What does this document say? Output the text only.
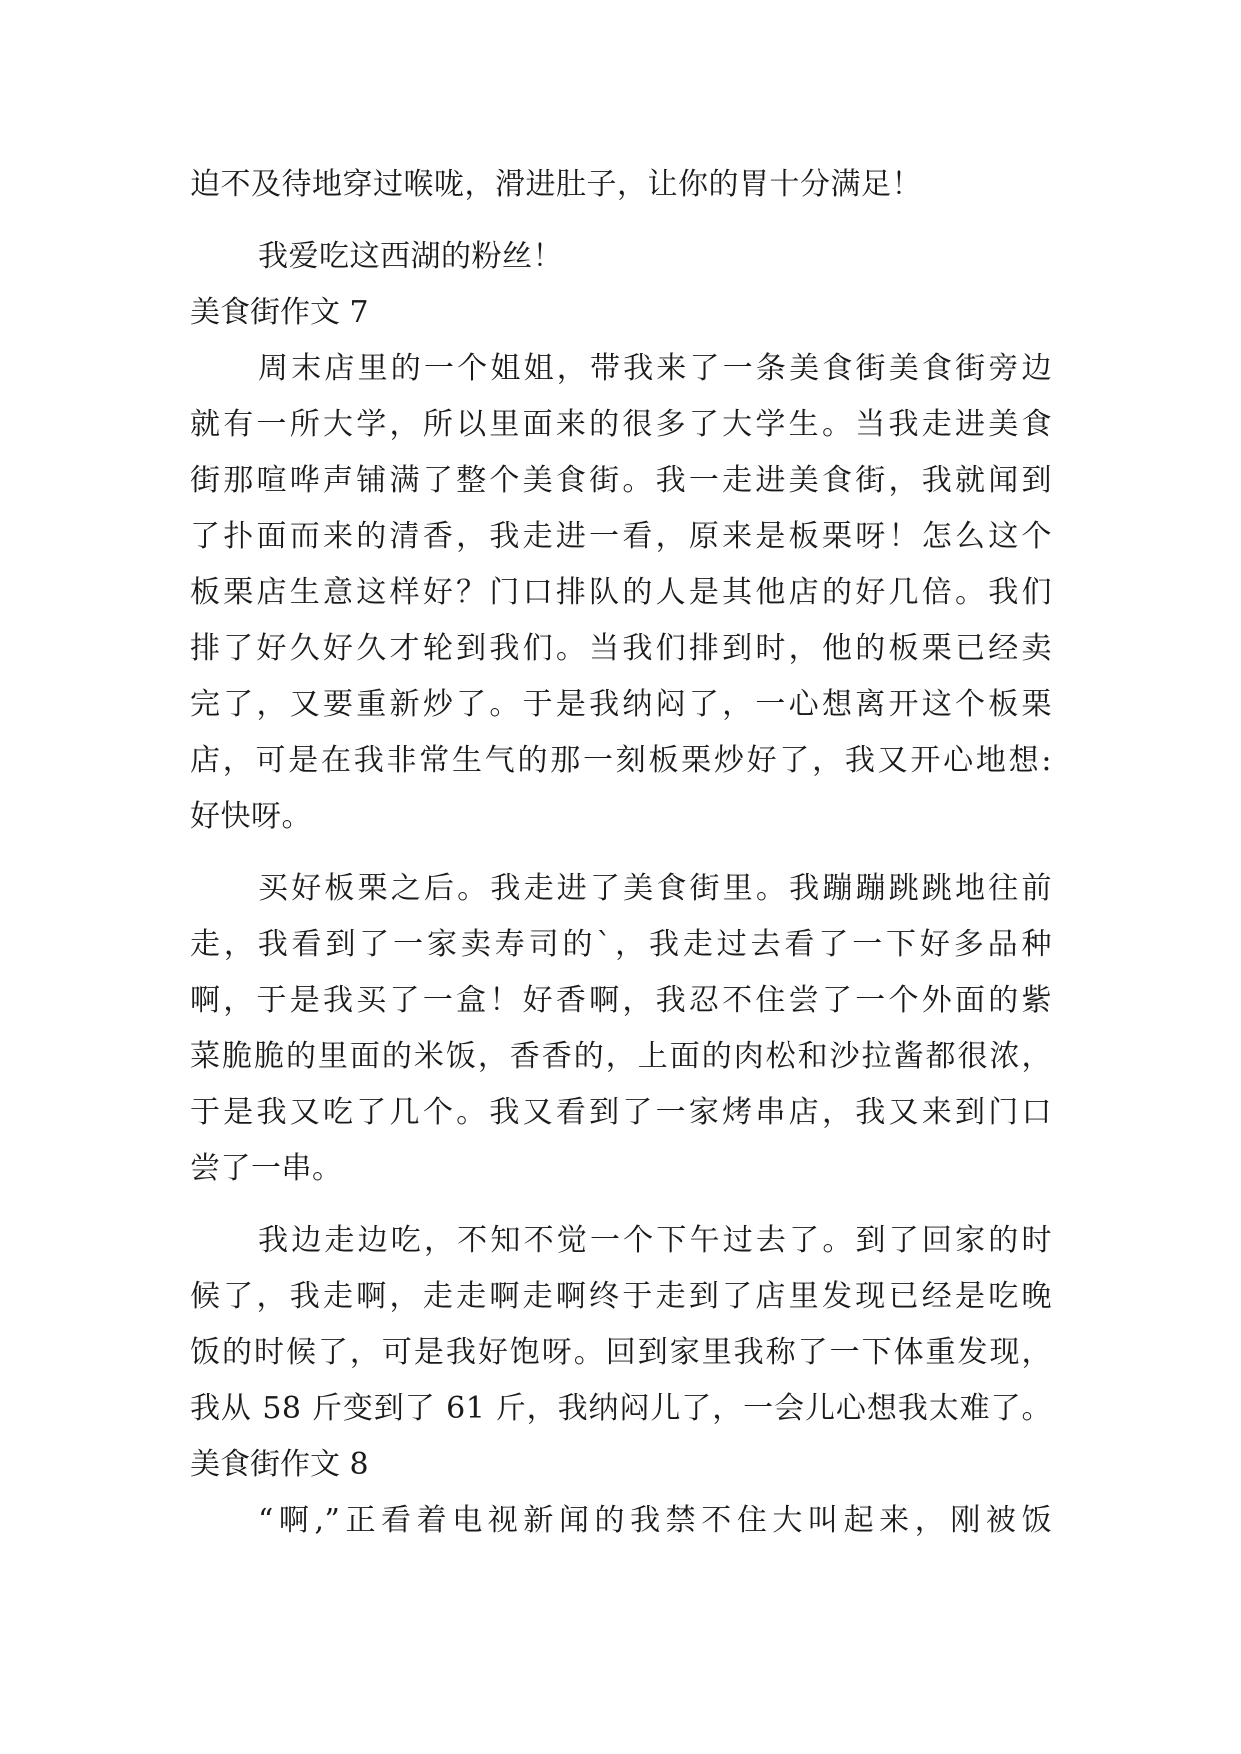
迫不及待地穿过喉咙，滑进肚子，让你的胃十分满足！
我爱吃这西湖的粉丝！
美食街作文 7
周末店里的一个姐姐，带我来了一条美食街美食街旁边
就有一所大学，所以里面来的很多了大学生。当我走进美食
街那喧哗声铺满了整个美食街。我一走进美食街，我就闻到
了扑面而来的清香，我走进一看，原来是板栗呀！怎么这个
板栗店生意这样好？门口排队的人是其他店的好几倍。我们
排了好久好久才轮到我们。当我们排到时，他的板栗已经卖
完了，又要重新炒了。于是我纳闷了，一心想离开这个板栗
店，可是在我非常生气的那一刻板栗炒好了，我又开心地想:
好快呀。
买好板栗之后。我走进了美食街里。我蹦蹦跳跳地往前
走，我看到了一家卖寿司的`，我走过去看了一下好多品种
啊，于是我买了一盒！好香啊，我忍不住尝了一个外面的紫
菜脆脆的里面的米饭，香香的，上面的肉松和沙拉酱都很浓，
于是我又吃了几个。我又看到了一家烤串店，我又来到门口
尝了一串。
我边走边吃，不知不觉一个下午过去了。到了回家的时
候了，我走啊，走走啊走啊终于走到了店里发现已经是吃晚
饭的时候了，可是我好饱呀。回到家里我称了一下体重发现，
我从 58 斤变到了 61 斤，我纳闷儿了，一会儿心想我太难了。
美食街作文 8
“啊,”正看着电视新闻的我禁不住大叫起来，刚被饭
